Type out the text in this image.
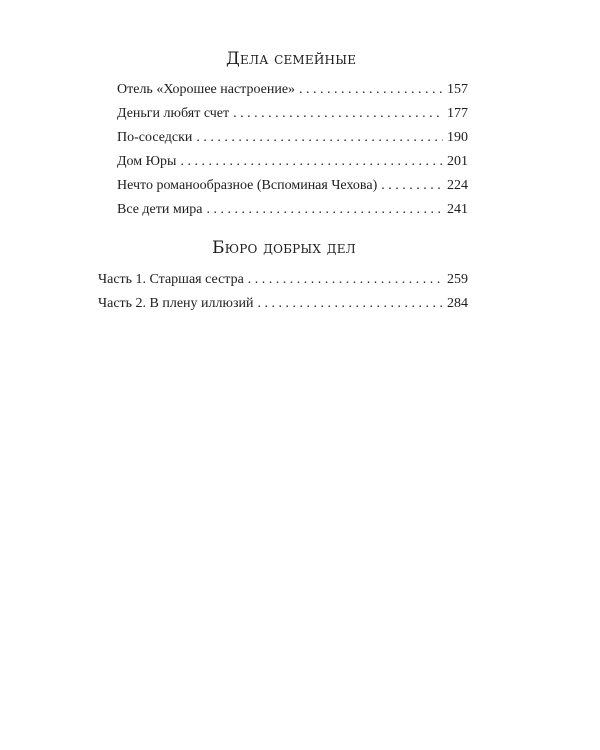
Дела семейные
Отель «Хорошее настроение» . . .	157
Деньги любят счет . . .	177
По-соседски . . .	190
Дом Юры . . .	201
Нечто романообразное (Вспоминая Чехова) . . .	224
Все дети мира . . .	241
Бюро добрых дел
Часть 1. Старшая сестра . . .	259
Часть 2. В плену иллюзий . . .	284
